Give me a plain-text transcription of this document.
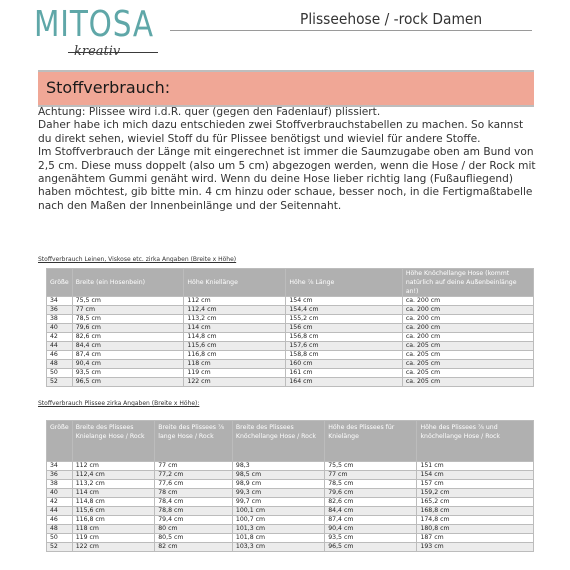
MITOSA
kreativ
Plisseehose / -rock Damen
Stoffverbrauch:

Achtung: Plissee wird i.d.R. quer (gegen den Fadenlauf) plissiert.

Daher habe ich mich dazu entschieden zwei Stoffverbrauchstabellen zu machen. So kannst du direkt sehen, wieviel Stoff du für Plissee benötigst und wieviel für andere Stoffe.

Im Stoffverbrauch der Länge mit eingerechnet ist immer die Saumzugabe oben am Bund von 2,5 cm. Diese muss doppelt (also um 5 cm) abgezogen werden, wenn die Hose / der Rock mit angenähtem Gummi genäht wird. Wenn du deine Hose lieber richtig lang (Fußaufliegend) haben möchtest, gib bitte min. 4 cm hinzu oder schaue, besser noch, in die Fertigmaßtabelle nach den Maßen der Innenbeinlänge und der Seitennaht.

Stoffverbrauch Leinen, Viskose etc. zirka Angaben (Breite x Höhe)
Größe	Breite (ein Hosenbein)	Höhe Kniellänge	Höhe ⅞ Länge	Höhe Knöchellange Hose (kommt natürlich auf deine Außenbeinlänge an!)
34	75,5 cm	112 cm	154 cm	ca. 200 cm
36	77 cm	112,4 cm	154,4 cm	ca. 200 cm
38	78,5 cm	113,2 cm	155,2 cm	ca. 200 cm
40	79,6 cm	114 cm	156 cm	ca. 200 cm
42	82,6 cm	114,8 cm	156,8 cm	ca. 200 cm
44	84,4 cm	115,6 cm	157,6 cm	ca. 205 cm
46	87,4 cm	116,8 cm	158,8 cm	ca. 205 cm
48	90,4 cm	118 cm	160 cm	ca. 205 cm
50	93,5 cm	119 cm	161 cm	ca. 205 cm
52	96,5 cm	122 cm	164 cm	ca. 205 cm
Stoffverbrauch Plissee zirka Angaben (Breite x Höhe):
Größe	Breite des Plissees Knielange Hose / Rock	Breite des Plissees ⅞ lange Hose / Rock	Breite des Plissees Knöchellange Hose / Rock	Höhe des Plissees für Knielänge	Höhe des Plissees ⅞ und knöchellange Hose / Rock
34	112 cm	77 cm	98,3	75,5 cm	151 cm
36	112,4 cm	77,2 cm	98,5 cm	77 cm	154 cm
38	113,2 cm	77,6 cm	98,9 cm	78,5 cm	157 cm
40	114 cm	78 cm	99,3 cm	79,6 cm	159,2 cm
42	114,8 cm	78,4 cm	99,7 cm	82,6 cm	165,2 cm
44	115,6 cm	78,8 cm	100,1 cm	84,4 cm	168,8 cm
46	116,8 cm	79,4 cm	100,7 cm	87,4 cm	174,8 cm
48	118 cm	80 cm	101,3 cm	90,4 cm	180,8 cm
50	119 cm	80,5 cm	101,8 cm	93,5 cm	187 cm
52	122 cm	82 cm	103,3 cm	96,5 cm	193 cm
